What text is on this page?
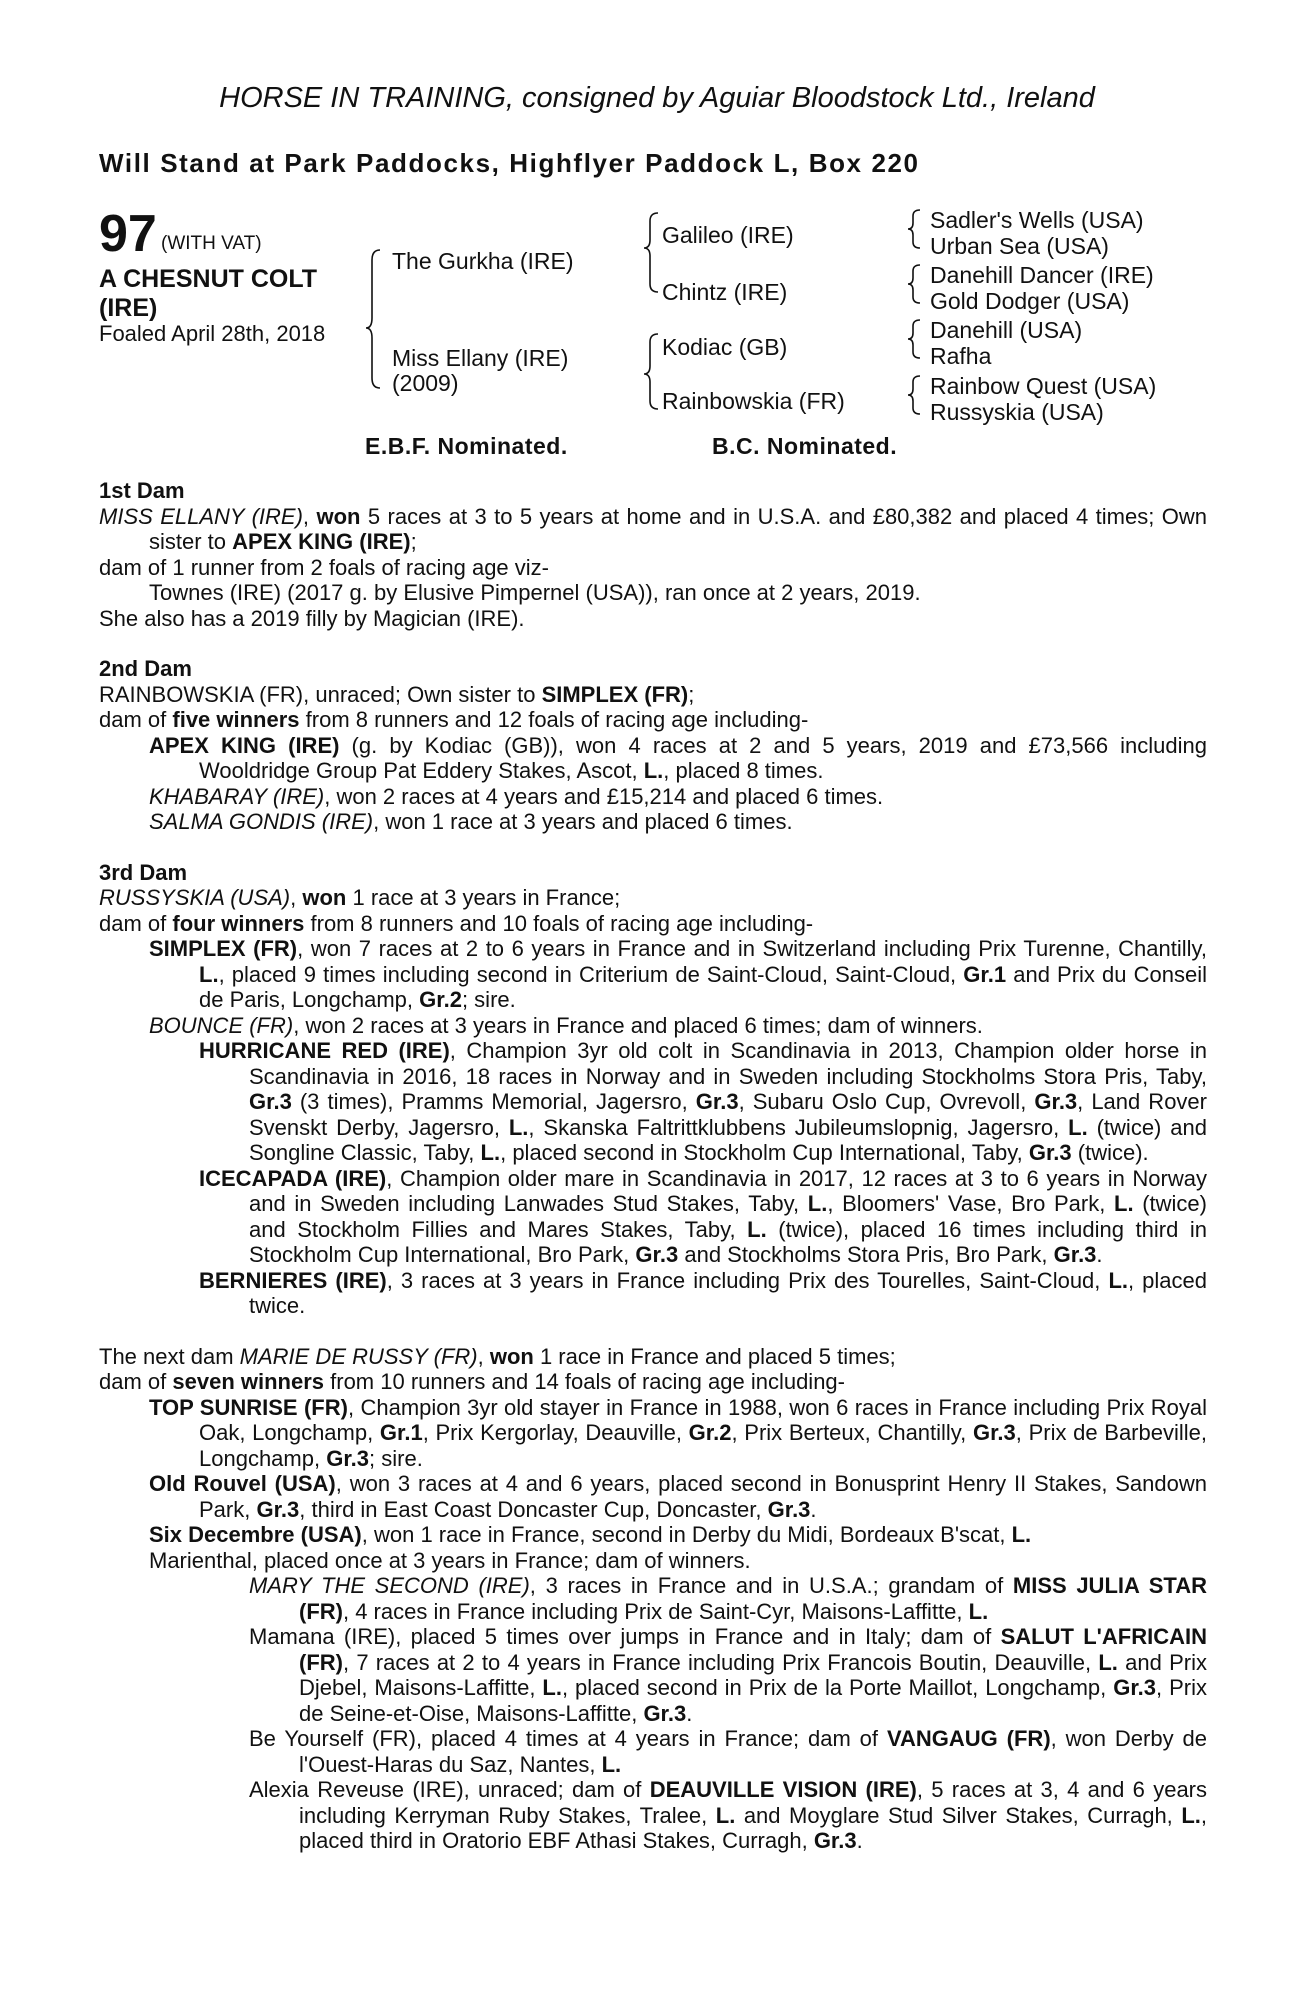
HORSE IN TRAINING, consigned by Aguiar Bloodstock Ltd., Ireland
Will Stand at Park Paddocks, Highflyer Paddock L, Box 220
97 (WITH VAT)
A CHESNUT COLT (IRE)
Foaled April 28th, 2018
The Gurkha (IRE)
Miss Ellany (IRE) (2009)
Galileo (IRE)
Chintz (IRE)
Kodiac (GB)
Rainbowskia (FR)
Sadler's Wells (USA)
Urban Sea (USA)
Danehill Dancer (IRE)
Gold Dodger (USA)
Danehill (USA)
Rafha
Rainbow Quest (USA)
Russyskia (USA)
E.B.F. Nominated.	B.C. Nominated.

1st Dam

MISS ELLANY (IRE), won 5 races at 3 to 5 years at home and in U.S.A. and £80,382 and placed 4 times; Own sister to APEX KING (IRE);

dam of 1 runner from 2 foals of racing age viz-

Townes (IRE) (2017 g. by Elusive Pimpernel (USA)), ran once at 2 years, 2019.

She also has a 2019 filly by Magician (IRE).

2nd Dam

RAINBOWSKIA (FR), unraced; Own sister to SIMPLEX (FR);

dam of five winners from 8 runners and 12 foals of racing age including-

APEX KING (IRE) (g. by Kodiac (GB)), won 4 races at 2 and 5 years, 2019 and £73,566 including Wooldridge Group Pat Eddery Stakes, Ascot, L., placed 8 times.

KHABARAY (IRE), won 2 races at 4 years and £15,214 and placed 6 times.

SALMA GONDIS (IRE), won 1 race at 3 years and placed 6 times.

3rd Dam

RUSSYSKIA (USA), won 1 race at 3 years in France;

dam of four winners from 8 runners and 10 foals of racing age including-

SIMPLEX (FR), won 7 races at 2 to 6 years in France and in Switzerland including Prix Turenne, Chantilly, L., placed 9 times including second in Criterium de Saint-Cloud, Saint-Cloud, Gr.1 and Prix du Conseil de Paris, Longchamp, Gr.2; sire.

BOUNCE (FR), won 2 races at 3 years in France and placed 6 times; dam of winners.

HURRICANE RED (IRE), Champion 3yr old colt in Scandinavia in 2013, Champion older horse in Scandinavia in 2016, 18 races in Norway and in Sweden including Stockholms Stora Pris, Taby, Gr.3 (3 times), Pramms Memorial, Jagersro, Gr.3, Subaru Oslo Cup, Ovrevoll, Gr.3, Land Rover Svenskt Derby, Jagersro, L., Skanska Faltrittklubbens Jubileumslopnig, Jagersro, L. (twice) and Songline Classic, Taby, L., placed second in Stockholm Cup International, Taby, Gr.3 (twice).

ICECAPADA (IRE), Champion older mare in Scandinavia in 2017, 12 races at 3 to 6 years in Norway and in Sweden including Lanwades Stud Stakes, Taby, L., Bloomers' Vase, Bro Park, L. (twice) and Stockholm Fillies and Mares Stakes, Taby, L. (twice), placed 16 times including third in Stockholm Cup International, Bro Park, Gr.3 and Stockholms Stora Pris, Bro Park, Gr.3.

BERNIERES (IRE), 3 races at 3 years in France including Prix des Tourelles, Saint-Cloud, L., placed twice.

The next dam MARIE DE RUSSY (FR), won 1 race in France and placed 5 times;

dam of seven winners from 10 runners and 14 foals of racing age including-

TOP SUNRISE (FR), Champion 3yr old stayer in France in 1988, won 6 races in France including Prix Royal Oak, Longchamp, Gr.1, Prix Kergorlay, Deauville, Gr.2, Prix Berteux, Chantilly, Gr.3, Prix de Barbeville, Longchamp, Gr.3; sire.

Old Rouvel (USA), won 3 races at 4 and 6 years, placed second in Bonusprint Henry II Stakes, Sandown Park, Gr.3, third in East Coast Doncaster Cup, Doncaster, Gr.3.

Six Decembre (USA), won 1 race in France, second in Derby du Midi, Bordeaux B'scat, L.

Marienthal, placed once at 3 years in France; dam of winners.

MARY THE SECOND (IRE), 3 races in France and in U.S.A.; grandam of MISS JULIA STAR (FR), 4 races in France including Prix de Saint-Cyr, Maisons-Laffitte, L.

Mamana (IRE), placed 5 times over jumps in France and in Italy; dam of SALUT L'AFRICAIN (FR), 7 races at 2 to 4 years in France including Prix Francois Boutin, Deauville, L. and Prix Djebel, Maisons-Laffitte, L., placed second in Prix de la Porte Maillot, Longchamp, Gr.3, Prix de Seine-et-Oise, Maisons-Laffitte, Gr.3.

Be Yourself (FR), placed 4 times at 4 years in France; dam of VANGAUG (FR), won Derby de l'Ouest-Haras du Saz, Nantes, L.

Alexia Reveuse (IRE), unraced; dam of DEAUVILLE VISION (IRE), 5 races at 3, 4 and 6 years including Kerryman Ruby Stakes, Tralee, L. and Moyglare Stud Silver Stakes, Curragh, L., placed third in Oratorio EBF Athasi Stakes, Curragh, Gr.3.
